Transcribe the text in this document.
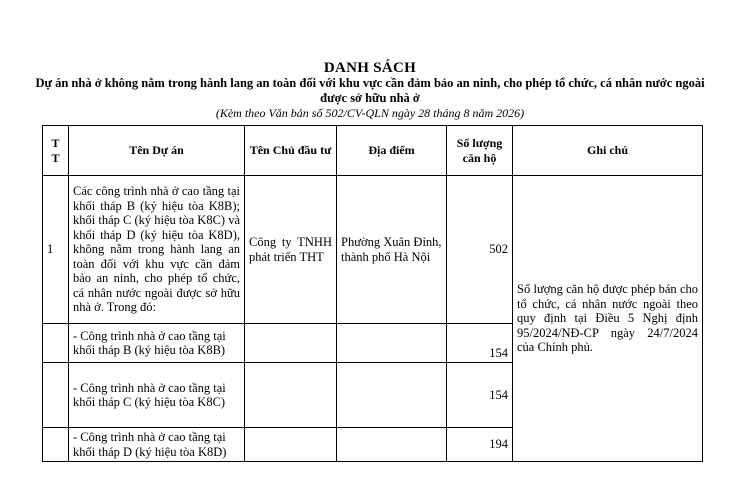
DANH SÁCH
Dự án nhà ở không nằm trong hành lang an toàn đối với khu vực cần đảm bảo an ninh, cho phép tổ chức, cá nhân nước ngoài được sở hữu nhà ở
(Kèm theo Văn bản số 502/CV-QLN ngày 28 tháng 8 năm 2026)
T T	Tên Dự án	Tên Chủ đầu tư	Địa điểm	Số lượng căn hộ	Ghi chú
1	Các công trình nhà ở cao tầng tại khối tháp B (ký hiệu tòa K8B); khối tháp C (ký hiệu tòa K8C) và khối tháp D (ký hiệu tòa K8D), không nằm trong hành lang an toàn đối với khu vực cần đảm bảo an ninh, cho phép tổ chức, cá nhân nước ngoài được sở hữu nhà ở. Trong đó:	Công ty TNHH phát triển THT	Phường Xuân Đỉnh, thành phố Hà Nội	502	Số lượng căn hộ được phép bán cho tổ chức, cá nhân nước ngoài theo quy định tại Điều 5 Nghị định 95/2024/NĐ-CP ngày 24/7/2024 của Chính phủ.
	- Công trình nhà ở cao tầng tại khối tháp B (ký hiệu tòa K8B)			154	
	- Công trình nhà ở cao tầng tại khối tháp C (ký hiệu tòa K8C)			154	
	- Công trình nhà ở cao tầng tại khối tháp D (ký hiệu tòa K8D)			194	
